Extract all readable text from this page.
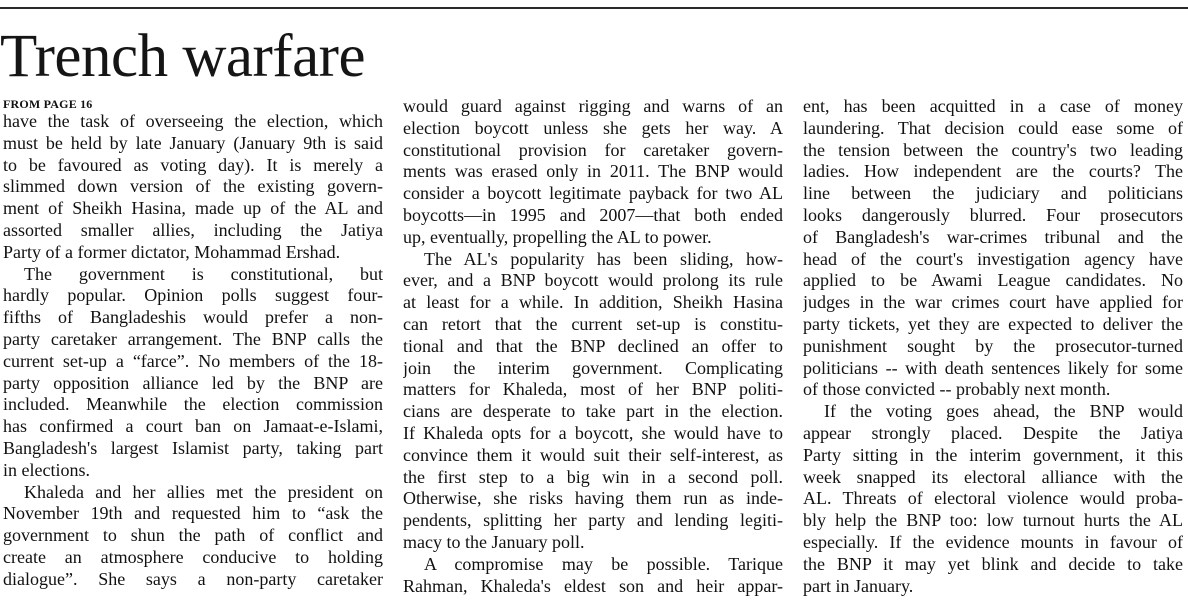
Trench warfare
FROM PAGE 16
have the task of overseeing the election, which
must be held by late January (January 9th is said
to be favoured as voting day). It is merely a
slimmed down version of the existing govern-
ment of Sheikh Hasina, made up of the AL and
assorted smaller allies, including the Jatiya
Party of a former dictator, Mohammad Ershad.
The government is constitutional, but
hardly popular. Opinion polls suggest four-
fifths of Bangladeshis would prefer a non-
party caretaker arrangement. The BNP calls the
current set-up a “farce”. No members of the 18-
party opposition alliance led by the BNP are
included. Meanwhile the election commission
has confirmed a court ban on Jamaat-e-Islami,
Bangladesh's largest Islamist party, taking part
in elections.
Khaleda and her allies met the president on
November 19th and requested him to “ask the
government to shun the path of conflict and
create an atmosphere conducive to holding
dialogue”. She says a non-party caretaker
would guard against rigging and warns of an
election boycott unless she gets her way. A
constitutional provision for caretaker govern-
ments was erased only in 2011. The BNP would
consider a boycott legitimate payback for two AL
boycotts—in 1995 and 2007—that both ended
up, eventually, propelling the AL to power.
The AL's popularity has been sliding, how-
ever, and a BNP boycott would prolong its rule
at least for a while. In addition, Sheikh Hasina
can retort that the current set-up is constitu-
tional and that the BNP declined an offer to
join the interim government. Complicating
matters for Khaleda, most of her BNP politi-
cians are desperate to take part in the election.
If Khaleda opts for a boycott, she would have to
convince them it would suit their self-interest, as
the first step to a big win in a second poll.
Otherwise, she risks having them run as inde-
pendents, splitting her party and lending legiti-
macy to the January poll.
A compromise may be possible. Tarique
Rahman, Khaleda's eldest son and heir appar-
ent, has been acquitted in a case of money
laundering. That decision could ease some of
the tension between the country's two leading
ladies. How independent are the courts? The
line between the judiciary and politicians
looks dangerously blurred. Four prosecutors
of Bangladesh's war-crimes tribunal and the
head of the court's investigation agency have
applied to be Awami League candidates. No
judges in the war crimes court have applied for
party tickets, yet they are expected to deliver the
punishment sought by the prosecutor-turned
politicians -- with death sentences likely for some
of those convicted -- probably next month.
If the voting goes ahead, the BNP would
appear strongly placed. Despite the Jatiya
Party sitting in the interim government, it this
week snapped its electoral alliance with the
AL. Threats of electoral violence would proba-
bly help the BNP too: low turnout hurts the AL
especially. If the evidence mounts in favour of
the BNP it may yet blink and decide to take
part in January.
